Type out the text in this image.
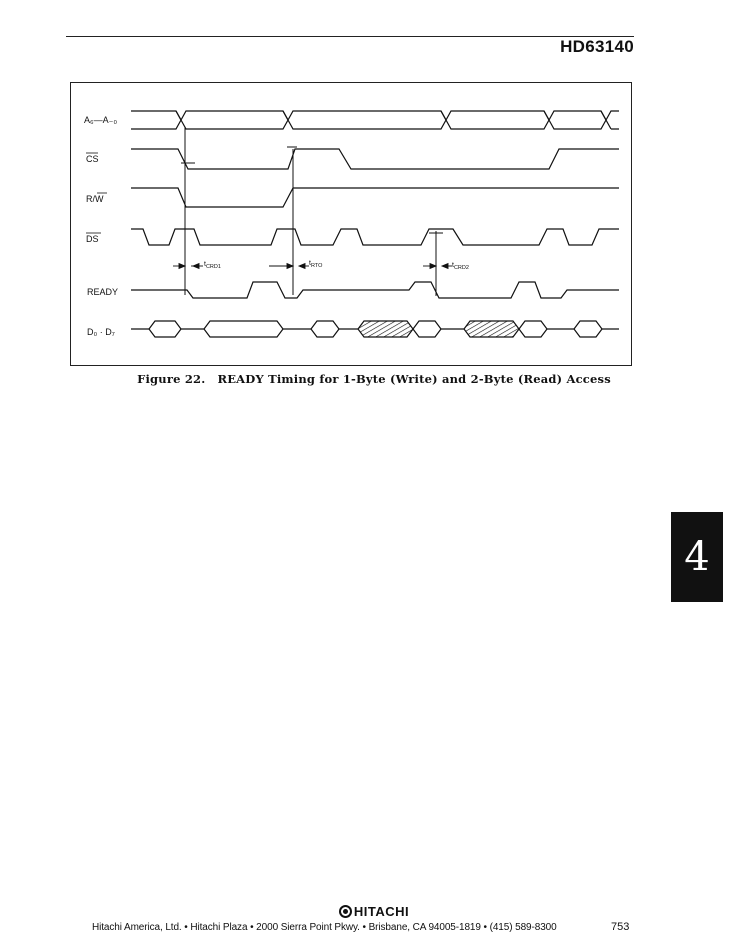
HD63140
A₆—A₋₀
CS
R/W
DS
READY
D₀ · D₇
$t_{CRD1}$	$t_{RTO}$	$t_{CRD2}$
Figure 22. READY Timing for 1-Byte (Write) and 2-Byte (Read) Access
4
HITACHI
Hitachi America, Ltd. • Hitachi Plaza • 2000 Sierra Point Pkwy. • Brisbane, CA 94005-1819 • (415) 589-8300	753
